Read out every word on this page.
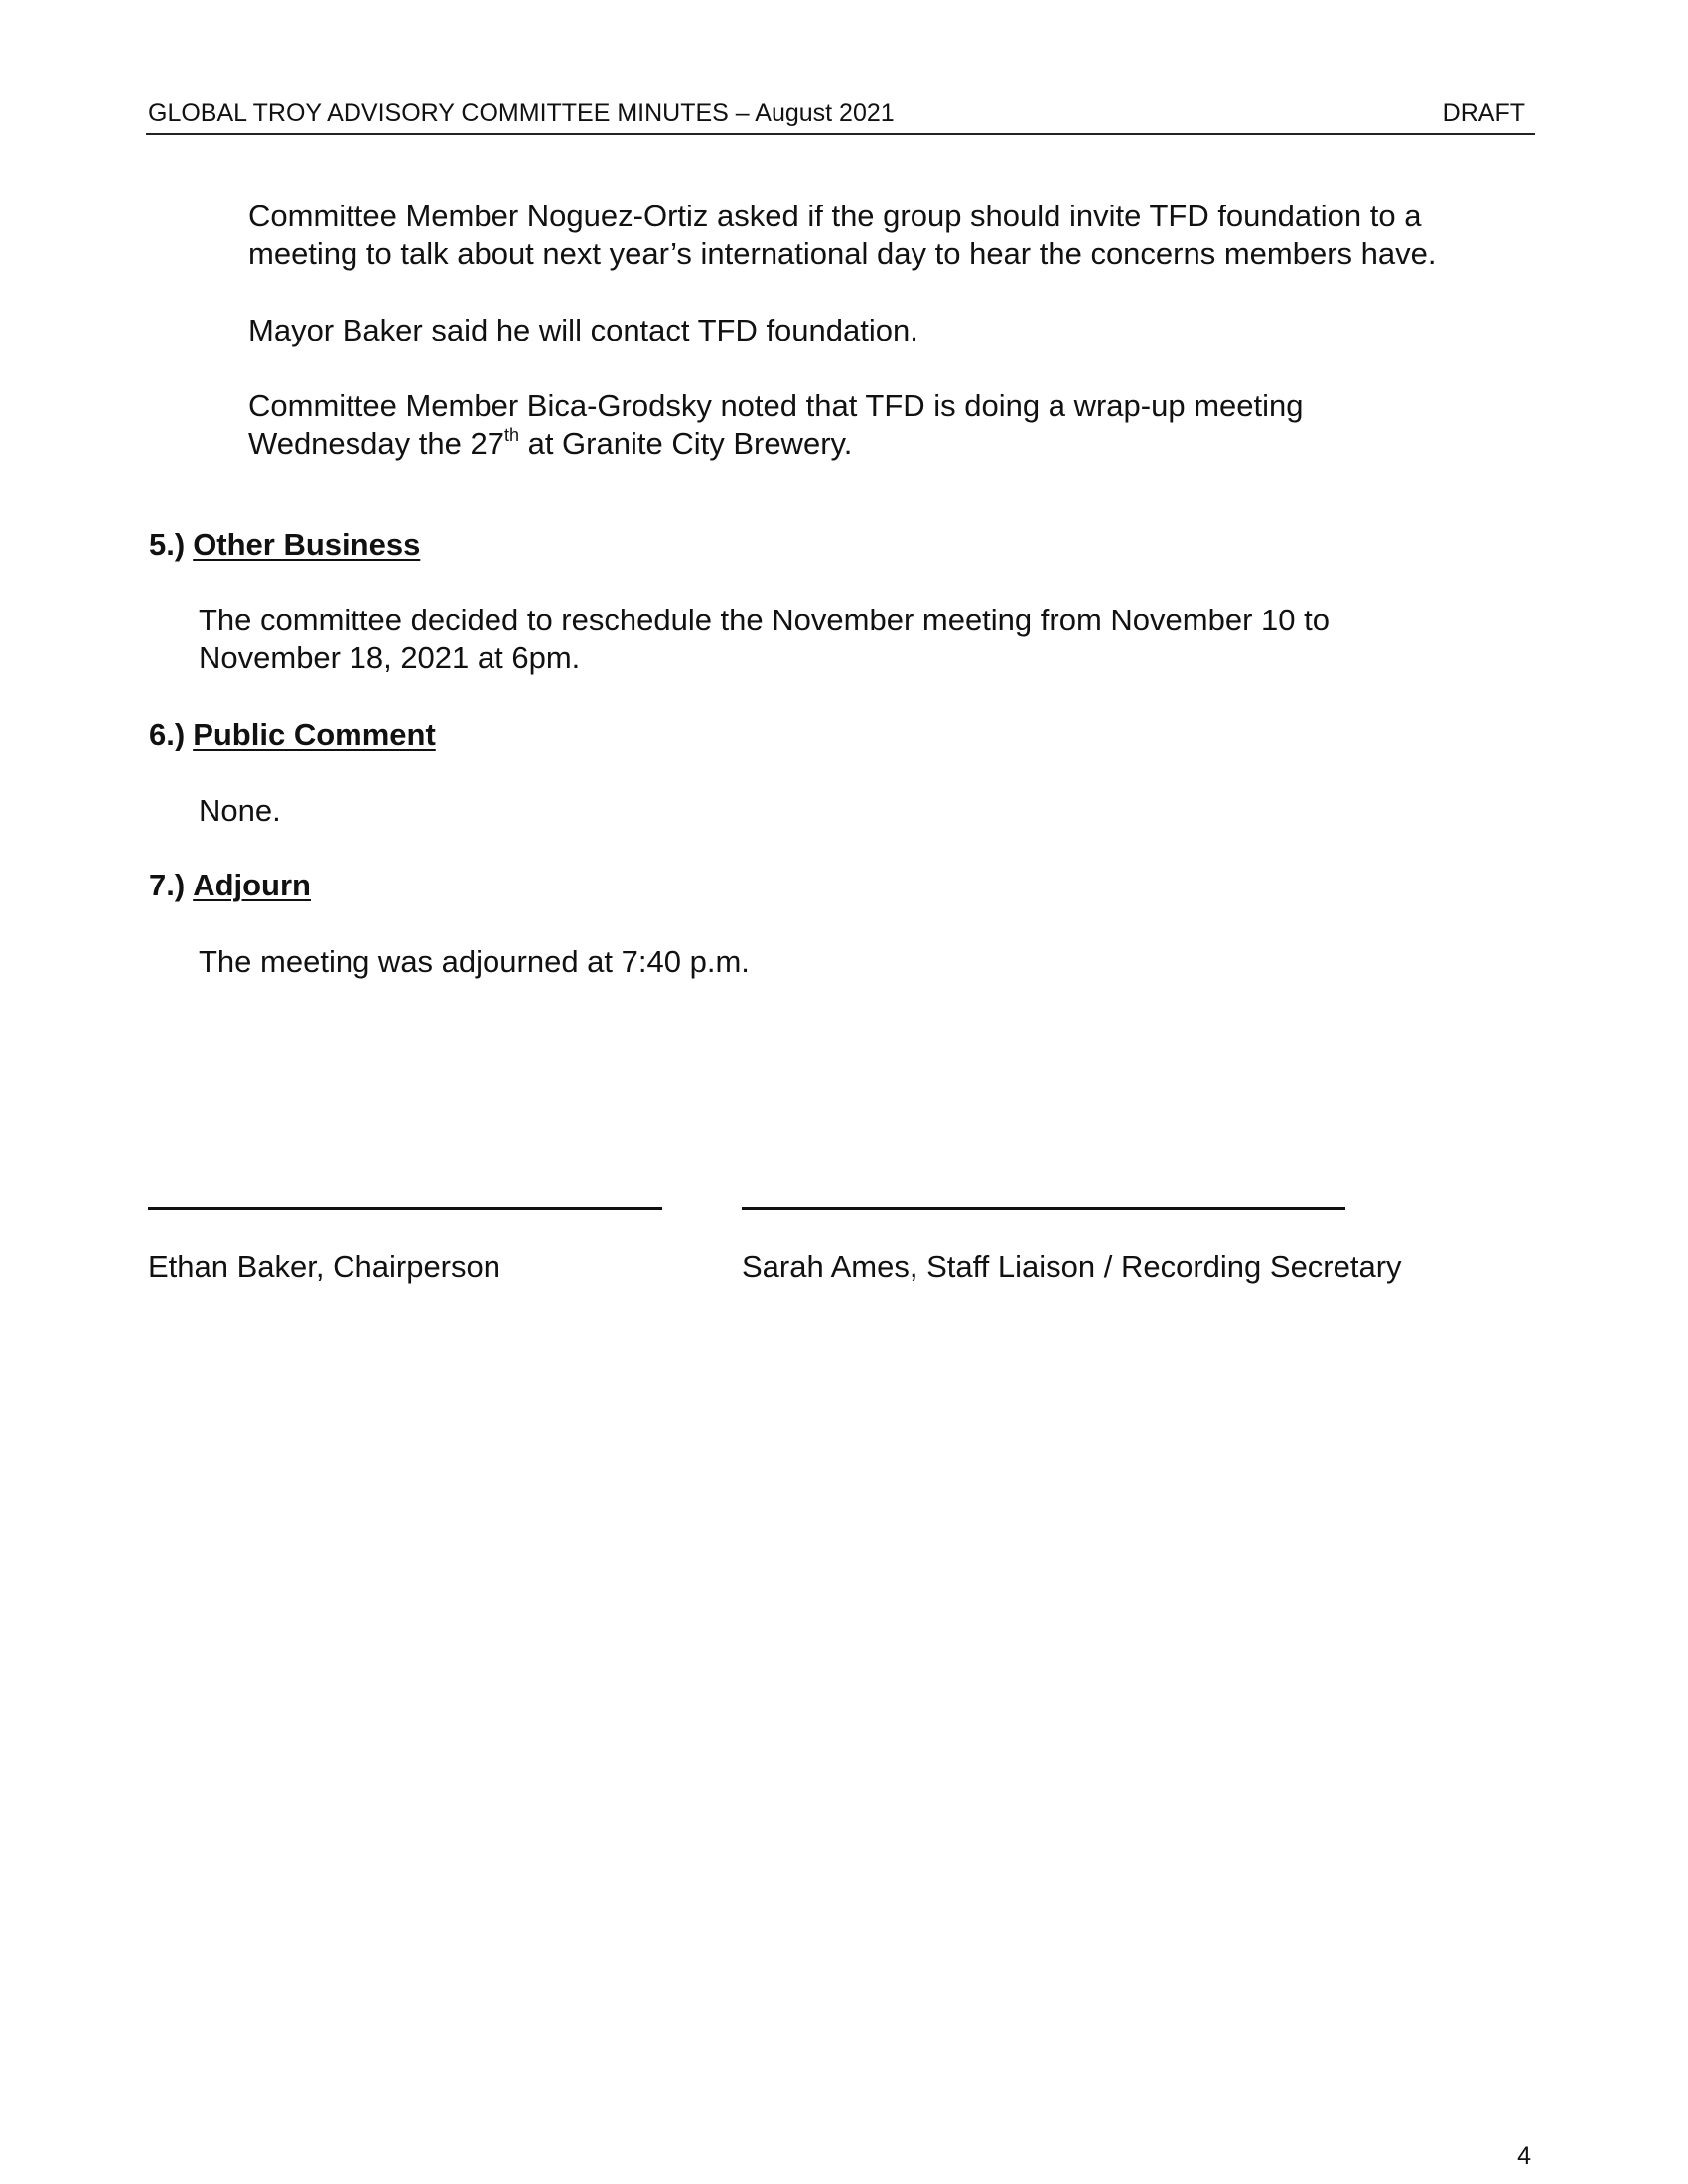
GLOBAL TROY ADVISORY COMMITTEE MINUTES – August 2021	DRAFT
Committee Member Noguez-Ortiz asked if the group should invite TFD foundation to a
meeting to talk about next year’s international day to hear the concerns members have.
Mayor Baker said he will contact TFD foundation.
Committee Member Bica-Grodsky noted that TFD is doing a wrap-up meeting
Wednesday the 27th at Granite City Brewery.
5.) Other Business
The committee decided to reschedule the November meeting from November 10 to
November 18, 2021 at 6pm.
6.) Public Comment
None.
7.) Adjourn
The meeting was adjourned at 7:40 p.m.
Ethan Baker, Chairperson	Sarah Ames, Staff Liaison / Recording Secretary
4
